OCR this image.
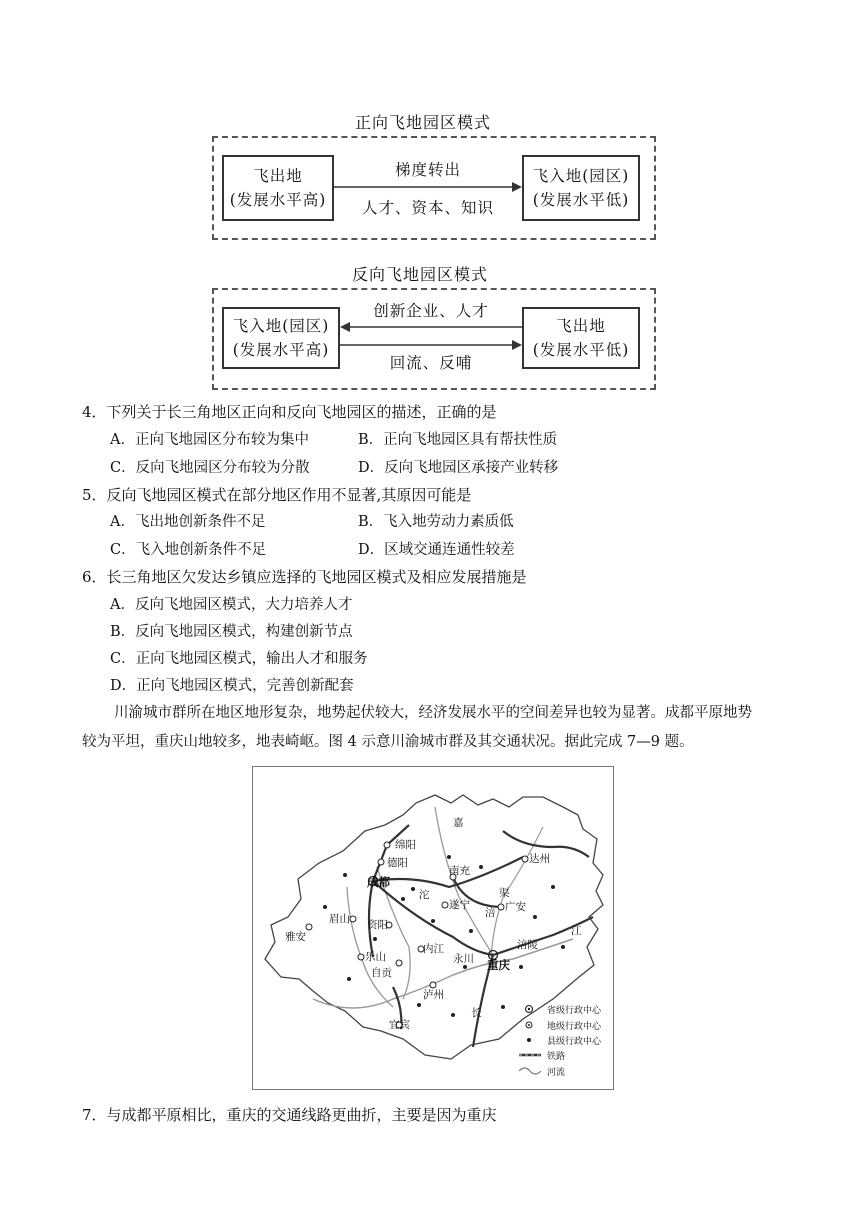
正向飞地园区模式
飞出地
(发展水平高)
飞入地(园区)
(发展水平低)
梯度转出
人才、资本、知识
反向飞地园区模式
飞入地(园区)
(发展水平高)
飞出地
(发展水平低)
创新企业、人才
回流、反哺
4．下列关于长三角地区正向和反向飞地园区的描述，正确的是
A．正向飞地园区分布较为集中	B．正向飞地园区具有帮扶性质
C．反向飞地园区分布较为分散	D．反向飞地园区承接产业转移
5．反向飞地园区模式在部分地区作用不显著,其原因可能是
A．飞出地创新条件不足	B．飞入地劳动力素质低
C．飞入地创新条件不足	D．区域交通连通性较差
6．长三角地区欠发达乡镇应选择的飞地园区模式及相应发展措施是
A．反向飞地园区模式，大力培养人才
B．反向飞地园区模式，构建创新节点
C．正向飞地园区模式，输出人才和服务
D．正向飞地园区模式，完善创新配套
川渝城市群所在地区地形复杂，地势起伏较大，经济发展水平的空间差异也较为显著。成都平原地势
较为平坦，重庆山地较多，地表崎岖。图 4 示意川渝城市群及其交通状况。据此完成 7—9 题。
绵阳
德阳
成都
南充
达州
遂宁	广安
眉山 资阳
雅安
乐山
内江
永川 重庆
涪陵
自贡
泸州
宜宾
嘉
渠
涪
沱
江
长	省级行政中心
地级行政中心
县级行政中心
铁路
河流
7．与成都平原相比，重庆的交通线路更曲折，主要是因为重庆
